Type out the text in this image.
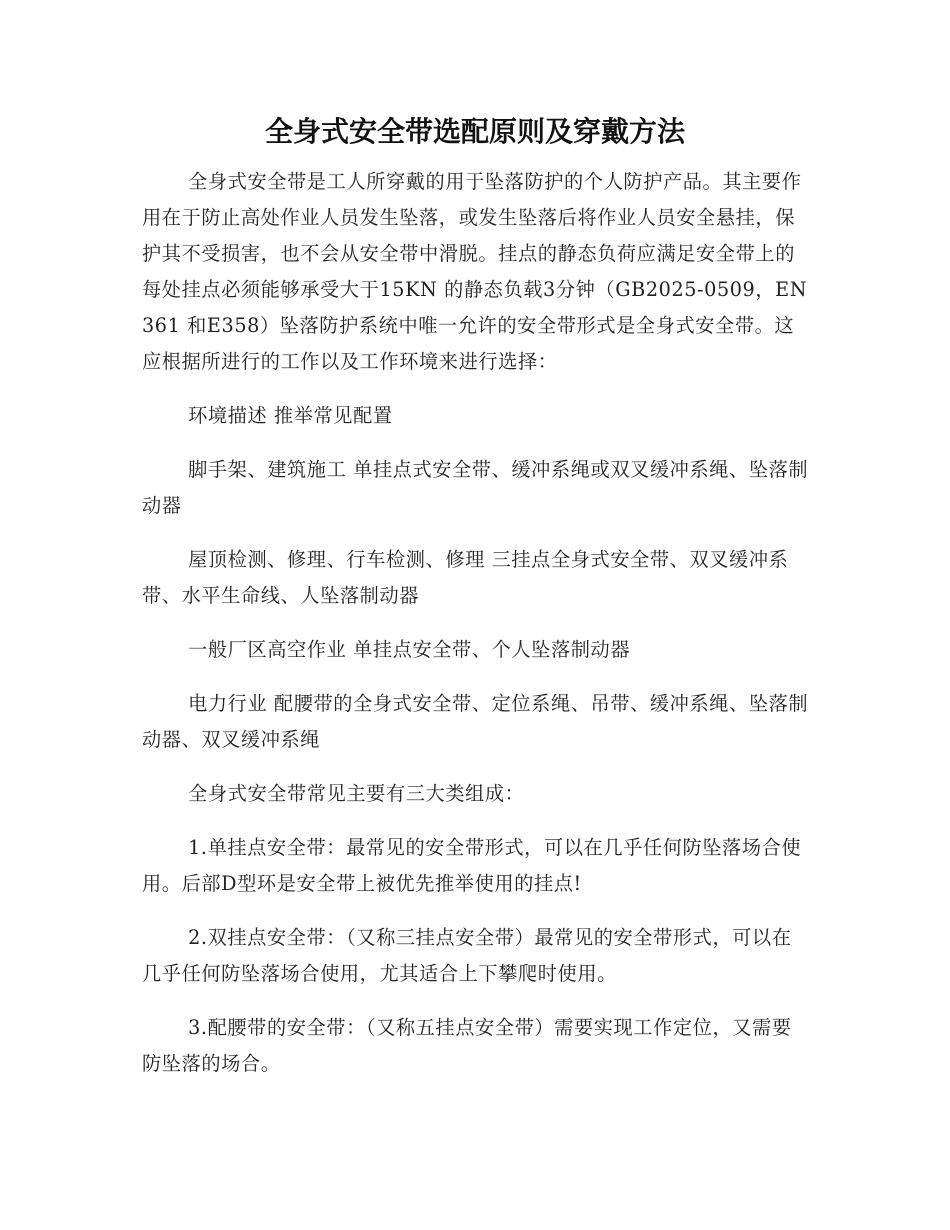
全身式安全带选配原则及穿戴方法

全身式安全带是工人所穿戴的用于坠落防护的个人防护产品。其主要作用在于防止高处作业人员发生坠落，或发生坠落后将作业人员安全悬挂，保护其不受损害，也不会从安全带中滑脱。挂点的静态负荷应满足安全带上的每处挂点必须能够承受大于15KN 的静态负载3分钟（GB2025-0509，EN361 和E358）坠落防护系统中唯一允许的安全带形式是全身式安全带。这应根据所进行的工作以及工作环境来进行选择：

环境描述 推举常见配置

脚手架、建筑施工 单挂点式安全带、缓冲系绳或双叉缓冲系绳、坠落制动器

屋顶检测、修理、行车检测、修理 三挂点全身式安全带、双叉缓冲系带、水平生命线、人坠落制动器

一般厂区高空作业 单挂点安全带、个人坠落制动器

电力行业 配腰带的全身式安全带、定位系绳、吊带、缓冲系绳、坠落制动器、双叉缓冲系绳

全身式安全带常见主要有三大类组成：

1.单挂点安全带：最常见的安全带形式，可以在几乎任何防坠落场合使用。后部D型环是安全带上被优先推举使用的挂点!

2.双挂点安全带：（又称三挂点安全带）最常见的安全带形式，可以在几乎任何防坠落场合使用，尤其适合上下攀爬时使用。

3.配腰带的安全带：（又称五挂点安全带）需要实现工作定位，又需要防坠落的场合。
